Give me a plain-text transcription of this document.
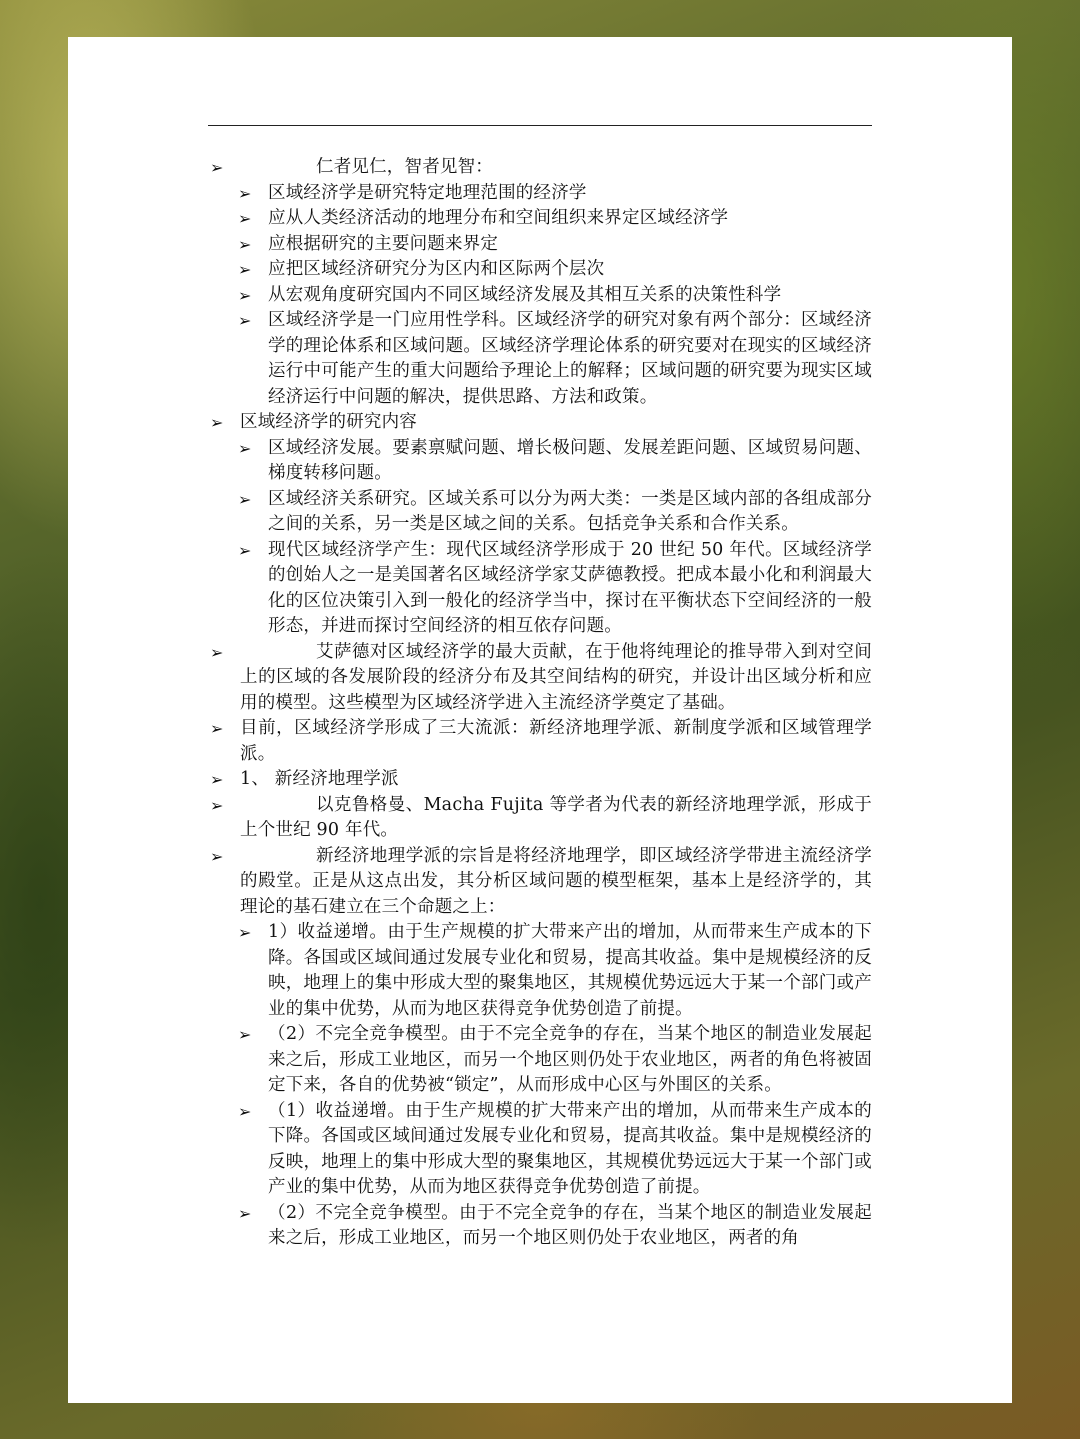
➢	仁者见仁，智者见智：
➢ 区域经济学是研究特定地理范围的经济学
➢ 应从人类经济活动的地理分布和空间组织来界定区域经济学
➢ 应根据研究的主要问题来界定
➢ 应把区域经济研究分为区内和区际两个层次
➢ 从宏观角度研究国内不同区域经济发展及其相互关系的决策性科学
➢ 区域经济学是一门应用性学科。区域经济学的研究对象有两个部分：区域经济学的理论体系和区域问题。区域经济学理论体系的研究要对在现实的区域经济运行中可能产生的重大问题给予理论上的解释；区域问题的研究要为现实区域经济运行中问题的解决，提供思路、方法和政策。
➢ 区域经济学的研究内容
➢ 区域经济发展。要素禀赋问题、增长极问题、发展差距问题、区域贸易问题、梯度转移问题。
➢ 区域经济关系研究。区域关系可以分为两大类：一类是区域内部的各组成部分之间的关系，另一类是区域之间的关系。包括竞争关系和合作关系。
➢ 现代区域经济学产生：现代区域经济学形成于 20 世纪 50 年代。区域经济学的创始人之一是美国著名区域经济学家艾萨德教授。把成本最小化和利润最大化的区位决策引入到一般化的经济学当中，探讨在平衡状态下空间经济的一般形态，并进而探讨空间经济的相互依存问题。
➢	艾萨德对区域经济学的最大贡献，在于他将纯理论的推导带入到对空间上的区域的各发展阶段的经济分布及其空间结构的研究，并设计出区域分析和应用的模型。这些模型为区域经济学进入主流经济学奠定了基础。
➢ 目前，区域经济学形成了三大流派：新经济地理学派、新制度学派和区域管理学派。
➢ 1、 新经济地理学派
➢	以克鲁格曼、Macha Fujita 等学者为代表的新经济地理学派，形成于上个世纪 90 年代。
➢	新经济地理学派的宗旨是将经济地理学，即区域经济学带进主流经济学的殿堂。正是从这点出发，其分析区域问题的模型框架，基本上是经济学的，其理论的基石建立在三个命题之上：
➢ 1）收益递增。由于生产规模的扩大带来产出的增加，从而带来生产成本的下降。各国或区域间通过发展专业化和贸易，提高其收益。集中是规模经济的反映，地理上的集中形成大型的聚集地区，其规模优势远远大于某一个部门或产业的集中优势，从而为地区获得竞争优势创造了前提。
➢ （2）不完全竞争模型。由于不完全竞争的存在，当某个地区的制造业发展起来之后，形成工业地区，而另一个地区则仍处于农业地区，两者的角色将被固定下来，各自的优势被“锁定”，从而形成中心区与外围区的关系。
➢ （1）收益递增。由于生产规模的扩大带来产出的增加，从而带来生产成本的下降。各国或区域间通过发展专业化和贸易，提高其收益。集中是规模经济的反映，地理上的集中形成大型的聚集地区，其规模优势远远大于某一个部门或产业的集中优势，从而为地区获得竞争优势创造了前提。
➢ （2）不完全竞争模型。由于不完全竞争的存在，当某个地区的制造业发展起来之后，形成工业地区，而另一个地区则仍处于农业地区，两者的角
